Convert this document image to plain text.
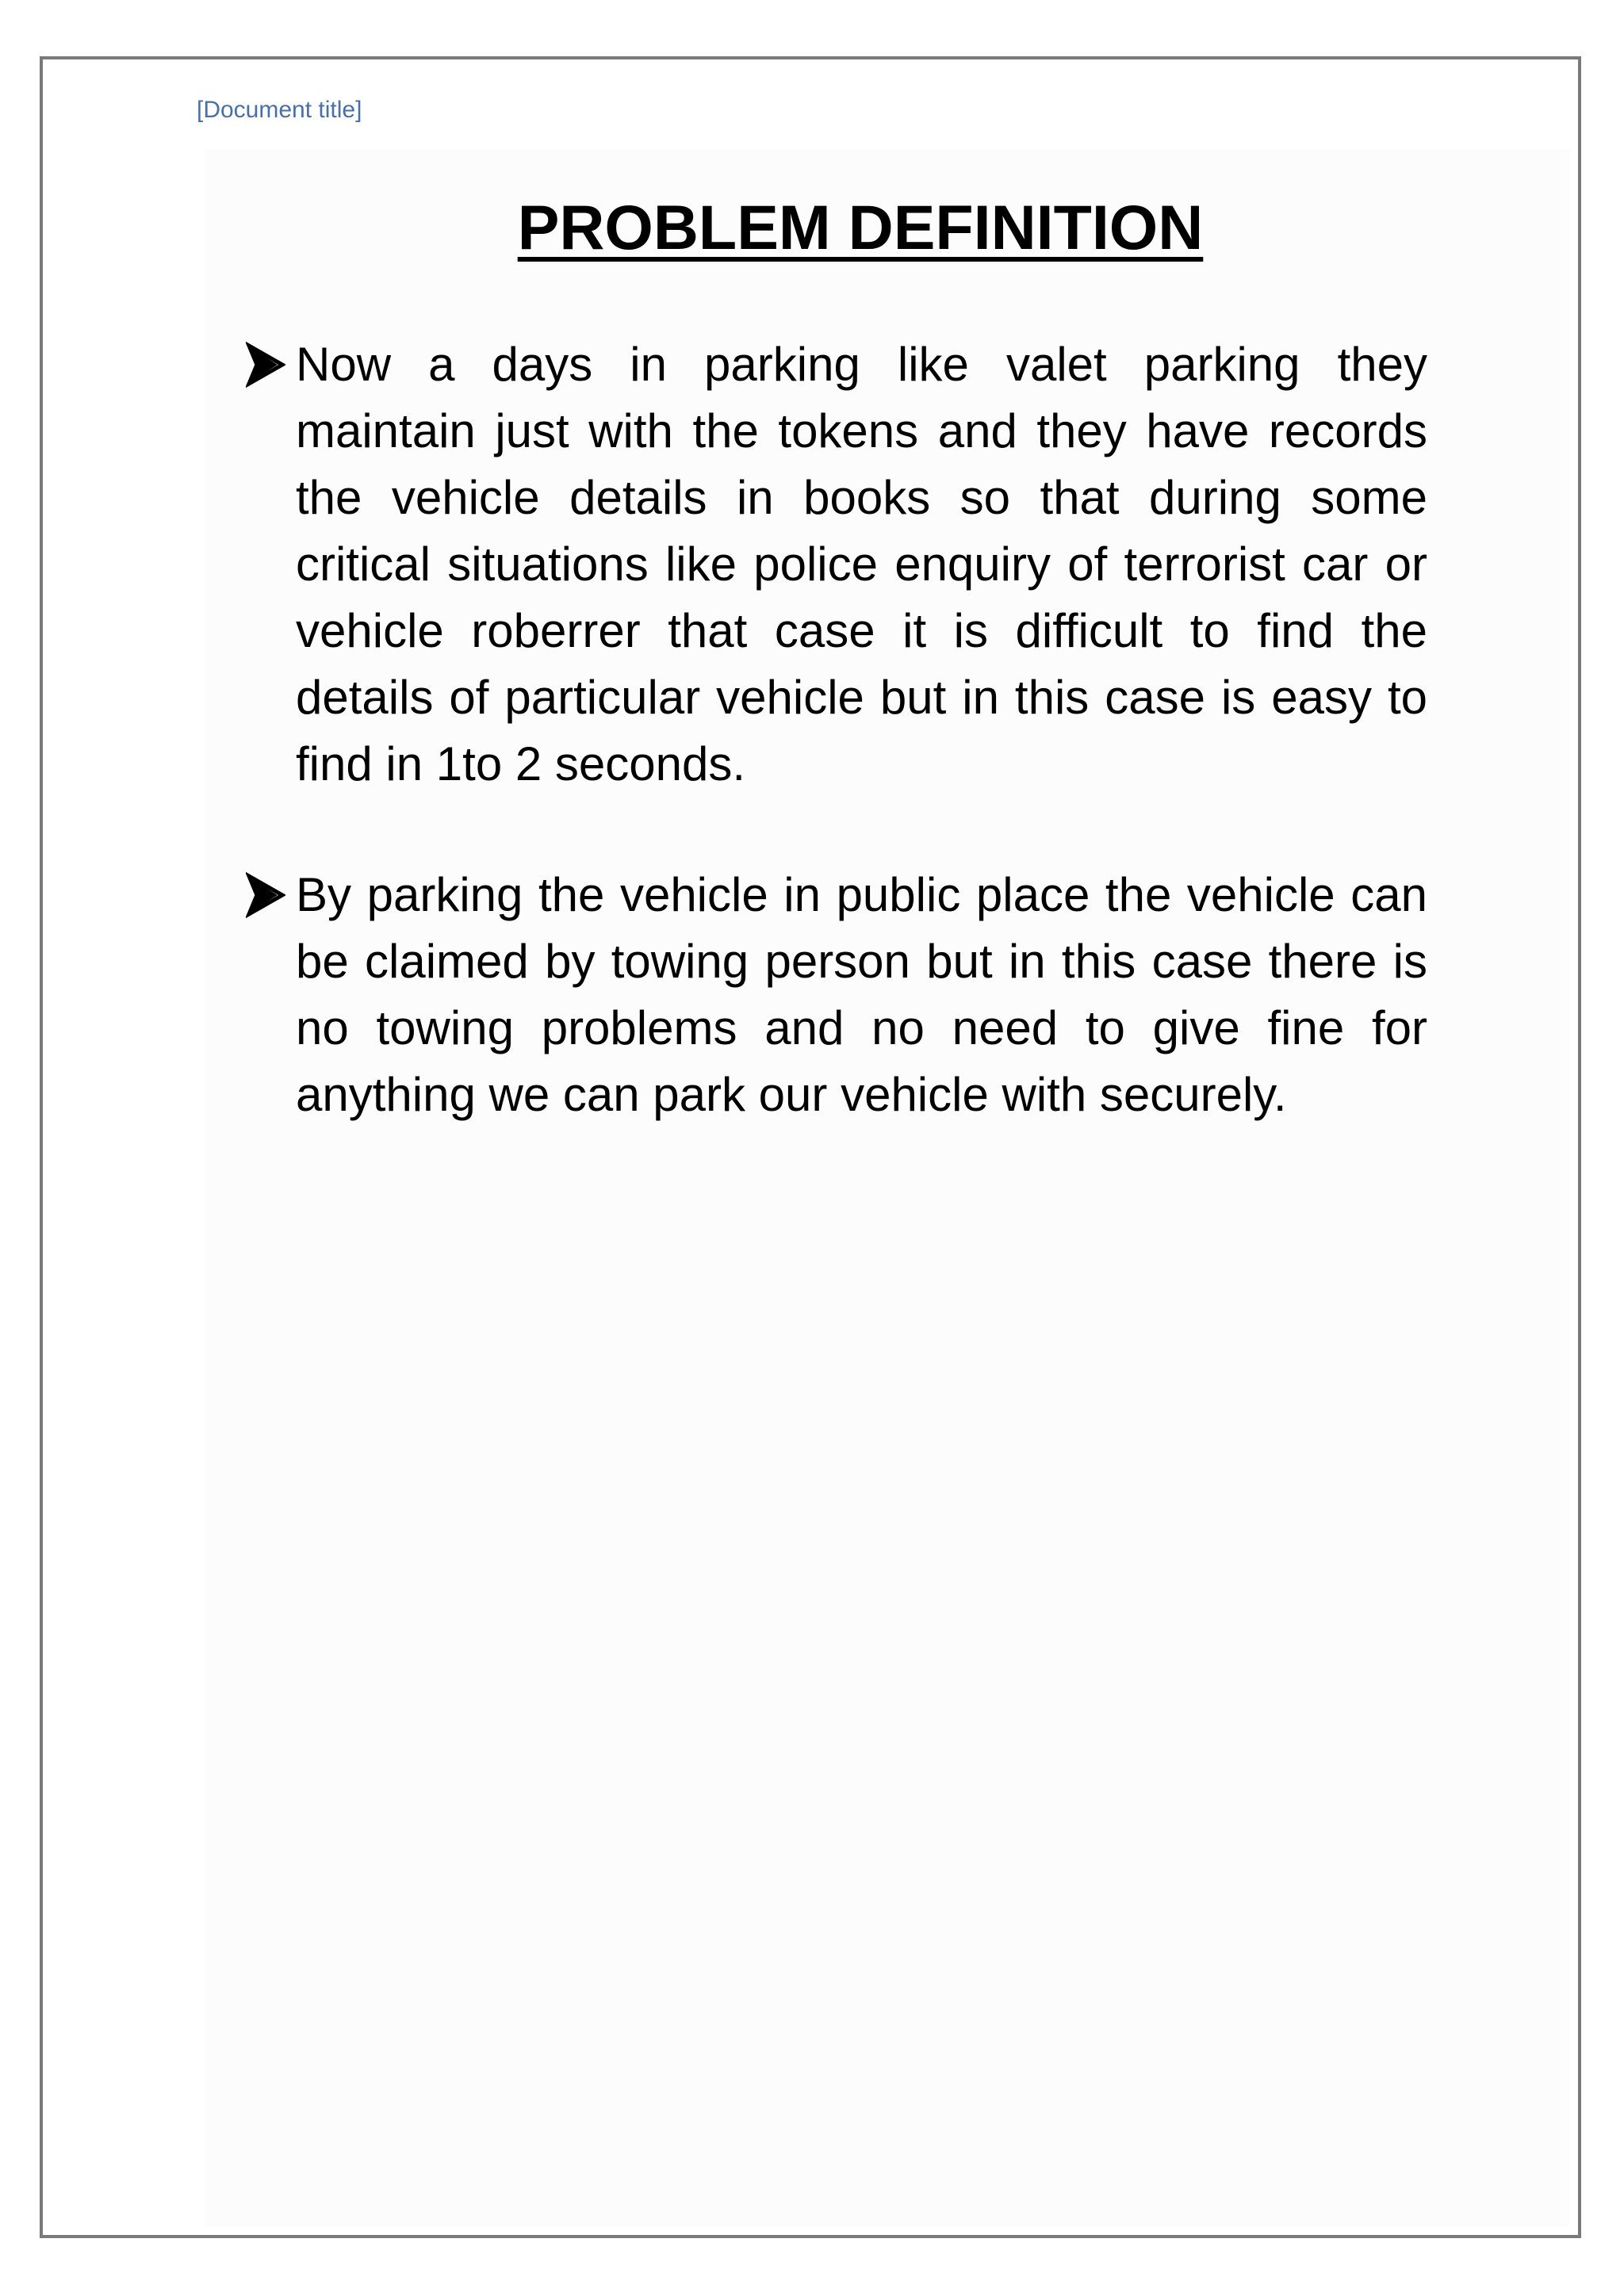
[Document title]
PROBLEM DEFINITION
Now a days in parking like valet parking they maintain just with the tokens and they have records the vehicle details in books so that during some critical situations like police enquiry of terrorist car or vehicle roberrer that case it is difficult to find the details of particular vehicle but in this case is easy to find in 1to 2 seconds.
By parking the vehicle in public place the vehicle can be claimed by towing person but in this case there is no towing problems and no need to give fine for anything we can park our vehicle with securely.
